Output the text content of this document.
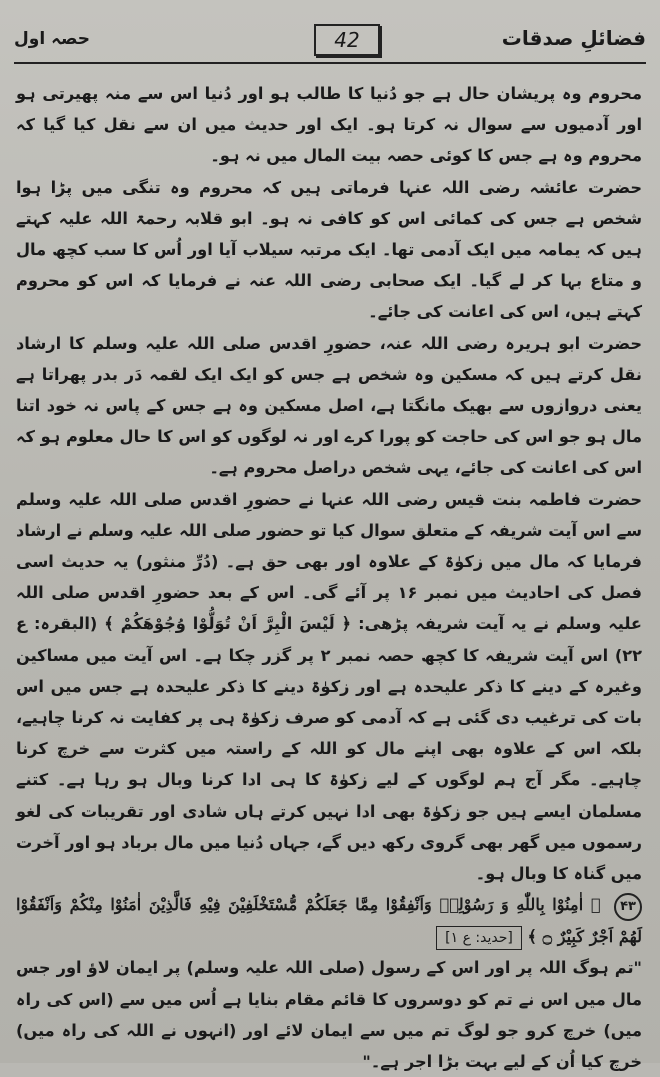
فضائلِ صدقات
42
حصہ اول

محروم وہ پریشان حال ہے جو دُنیا کا طالب ہو اور دُنیا اس سے منہ پھیرتی ہو اور آدمیوں سے سوال نہ کرتا ہو۔ ایک اور حدیث میں ان سے نقل کیا گیا کہ محروم وہ ہے جس کا کوئی حصہ بیت المال میں نہ ہو۔

حضرت عائشہ رضی اللہ عنہا فرماتی ہیں کہ محروم وہ تنگی میں پڑا ہوا شخص ہے جس کی کمائی اس کو کافی نہ ہو۔ ابو قلابہ رحمۃ اللہ علیہ کہتے ہیں کہ یمامہ میں ایک آدمی تھا۔ ایک مرتبہ سیلاب آیا اور اُس کا سب کچھ مال و متاع بہا کر لے گیا۔ ایک صحابی رضی اللہ عنہ نے فرمایا کہ اس کو محروم کہتے ہیں، اس کی اعانت کی جائے۔

حضرت ابو ہریرہ رضی اللہ عنہ، حضورِ اقدس صلی اللہ علیہ وسلم کا ارشاد نقل کرتے ہیں کہ مسکین وہ شخص ہے جس کو ایک ایک لقمہ دَر بدر پھراتا ہے یعنی دروازوں سے بھیک مانگتا ہے، اصل مسکین وہ ہے جس کے پاس نہ خود اتنا مال ہو جو اس کی حاجت کو پورا کرے اور نہ لوگوں کو اس کا حال معلوم ہو کہ اس کی اعانت کی جائے، یہی شخص دراصل محروم ہے۔

حضرت فاطمہ بنت قیس رضی اللہ عنہا نے حضورِ اقدس صلی اللہ علیہ وسلم سے اس آیت شریفہ کے متعلق سوال کیا تو حضور صلی اللہ علیہ وسلم نے ارشاد فرمایا کہ مال میں زکوٰۃ کے علاوہ اور بھی حق ہے۔ (دُرِّ منثور) یہ حدیث اسی فصل کی احادیث میں نمبر ۱۶ پر آئے گی۔ اس کے بعد حضورِ اقدس صلی اللہ علیہ وسلم نے یہ آیت شریفہ پڑھی: ﴿ لَيْسَ الْبِرَّ اَنْ تُوَلُّوْا وُجُوْهَكُمْ ﴾ (البقرہ: ع ۲۲) اس آیت شریفہ کا کچھ حصہ نمبر ۲ پر گزر چکا ہے۔ اس آیت میں مساکین وغیرہ کے دینے کا ذکر علیحدہ ہے اور زکوٰۃ دینے کا ذکر علیحدہ ہے جس میں اس بات کی ترغیب دی گئی ہے کہ آدمی کو صرف زکوٰۃ ہی پر کفایت نہ کرنا چاہیے، بلکہ اس کے علاوہ بھی اپنے مال کو اللہ کے راستہ میں کثرت سے خرچ کرنا چاہیے۔ مگر آج ہم لوگوں کے لیے زکوٰۃ کا ہی ادا کرنا وبال ہو رہا ہے۔ کتنے مسلمان ایسے ہیں جو زکوٰۃ بھی ادا نہیں کرتے ہاں شادی اور تقریبات کی لغو رسموں میں گھر بھی گروی رکھ دیں گے، جہاں دُنیا میں مال برباد ہو اور آخرت میں گناہ کا وبال ہو۔

۴۳ ﴿ اٰمِنُوْا بِاللّٰهِ وَ رَسُوْلِهٖ وَاَنْفِقُوْا مِمَّا جَعَلَكُمْ مُّسْتَخْلَفِيْنَ فِيْهِ فَالَّذِيْنَ اٰمَنُوْا مِنْكُمْ وَاَنْفَقُوْا لَهُمْ اَجْرٌ كَبِيْرٌ ۝ ﴾ [حدید: ع ۱]

"تم ہوگ اللہ پر اور اس کے رسول (صلی اللہ علیہ وسلم) پر ایمان لاؤ اور جس مال میں اس نے تم کو دوسروں کا قائم مقام بنایا ہے اُس میں سے (اس کی راہ میں) خرچ کرو جو لوگ تم میں سے ایمان لائے اور (انہوں نے اللہ کی راہ میں) خرچ کیا اُن کے لیے بہت بڑا اجر ہے۔"
